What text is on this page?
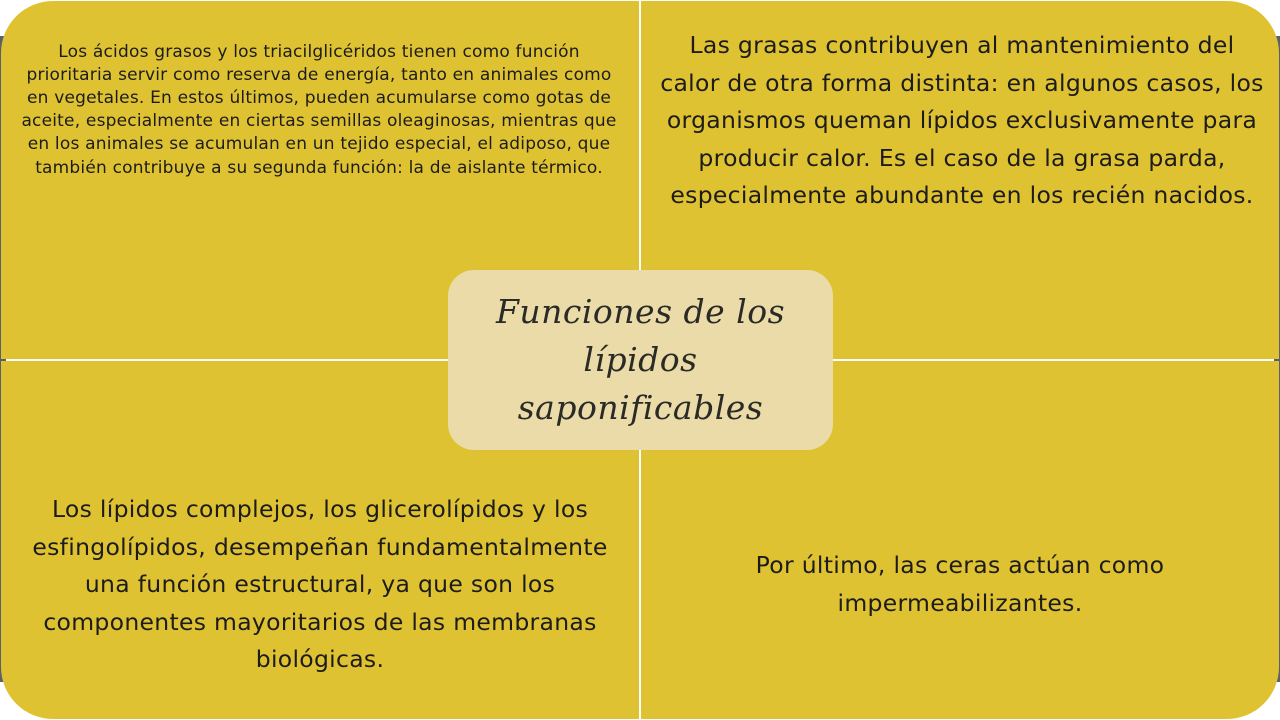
Los ácidos grasos y los triacilglicéridos tienen como función prioritaria servir como reserva de energía, tanto en animales como en vegetales. En estos últimos, pueden acumularse como gotas de aceite, especialmente en ciertas semillas oleaginosas, mientras que en los animales se acumulan en un tejido especial, el adiposo, que también contribuye a su segunda función: la de aislante térmico.
Las grasas contribuyen al mantenimiento del calor de otra forma distinta: en algunos casos, los organismos queman lípidos exclusivamente para producir calor. Es el caso de la grasa parda, especialmente abundante en los recién nacidos.
Los lípidos complejos, los glicerolípidos y los esfingolípidos, desempeñan fundamentalmente una función estructural, ya que son los componentes mayoritarios de las membranas biológicas.
Por último, las ceras actúan como impermeabilizantes.
Funciones de los lípidos saponificables
